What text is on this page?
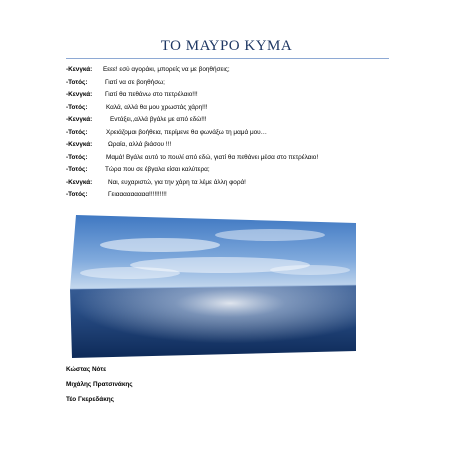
ΤΟ ΜΑΥΡΟ ΚΥΜΑ
-Κενγκά: Εεεε! εσύ αγοράκι, μπορείς να με βοηθήσεις;
-Τοτός:	Γιατί να σε βοηθήσω;
-Κενγκά: Γιατί θα πεθάνω στο πετρέλαιο!!!
-Τοτός:	Καλά, αλλά θα μου χρωστάς χάρη!!!
-Κενγκά:	Εντάξει,,αλλά βγάλε με από εδώ!!!
-Τοτός:	Χρειάζομαι βοήθεια, περίμενε θα φωνάξω τη μαμά μου…
-Κενγκά: Ωραία, αλλά βιάσου !!!
-Τοτός:	Μαμά! Βγάλε αυτό το πουλί από εδώ, γιατί θα πεθάνει μέσα στο πετρέλαιο!
-Τοτός:	Τώρα που σε έβγαλα είσαι καλύτερα;
-Κενγκά: Ναι, ευχαριστώ, για την χάρη τα λέμε άλλη φορά!
-Τοτός:	Γειααααααααα!!!!!!!!!!
Κώστας Νότε
Μιχάλης Πρατσινάκης
Τέο Γκερεδάκης
